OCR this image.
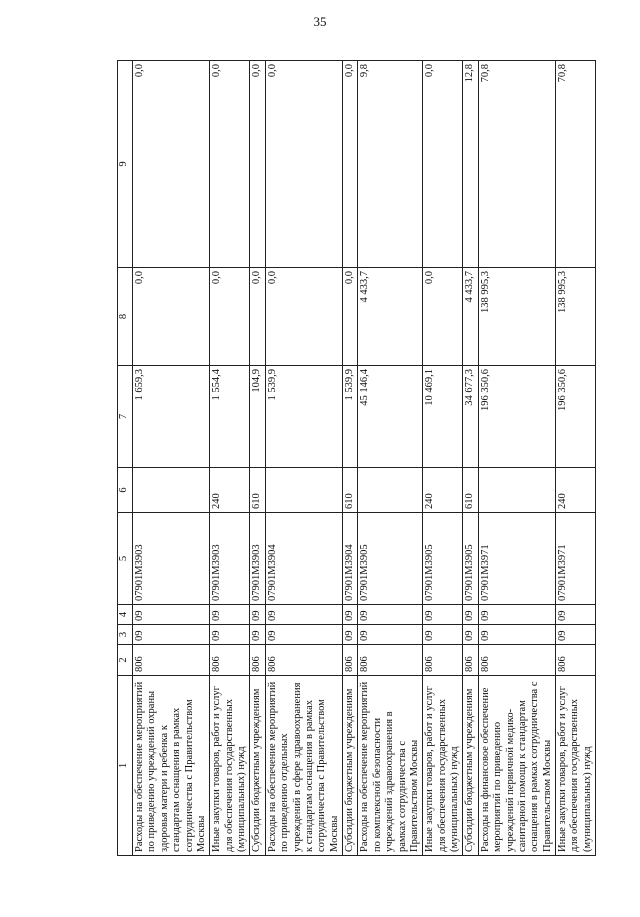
35
1	2	3	4	5	6	7	8	9
Расходы на обеспечение мероприятий по приведению учреждений охраны здоровья матери и ребенка к стандартам оснащения в рамках сотрудничества с Правительством Москвы	806	09	09	07901М3903		1 659,3	0,0	0,0
Иные закупки товаров, работ и услуг для обеспечения государственных (муниципальных) нужд	806	09	09	07901М3903	240	1 554,4	0,0	0,0
Субсидии бюджетным учреждениям	806	09	09	07901М3903	610	104,9	0,0	0,0
Расходы на обеспечение мероприятий по приведению отдельных учреждений в сфере здравоохранения к стандартам оснащения в рамках сотрудничества с Правительством Москвы	806	09	09	07901М3904		1 539,9	0,0	0,0
Субсидии бюджетным учреждениям	806	09	09	07901М3904	610	1 539,9	0,0	0,0
Расходы на обеспечение мероприятий по комплексной безопасности учреждений здравоохранения в рамках сотрудничества с Правительством Москвы	806	09	09	07901М3905		45 146,4	4 433,7	9,8
Иные закупки товаров, работ и услуг для обеспечения государственных (муниципальных) нужд	806	09	09	07901М3905	240	10 469,1	0,0	0,0
Субсидии бюджетным учреждениям	806	09	09	07901М3905	610	34 677,3	4 433,7	12,8
Расходы на финансовое обеспечение мероприятий по приведению учреждений первичной медико-санитарной помощи к стандартам оснащения в рамках сотрудничества с Правительством Москвы	806	09	09	07901М3971		196 350,6	138 995,3	70,8
Иные закупки товаров, работ и услуг для обеспечения государственных (муниципальных) нужд	806	09	09	07901М3971	240	196 350,6	138 995,3	70,8
